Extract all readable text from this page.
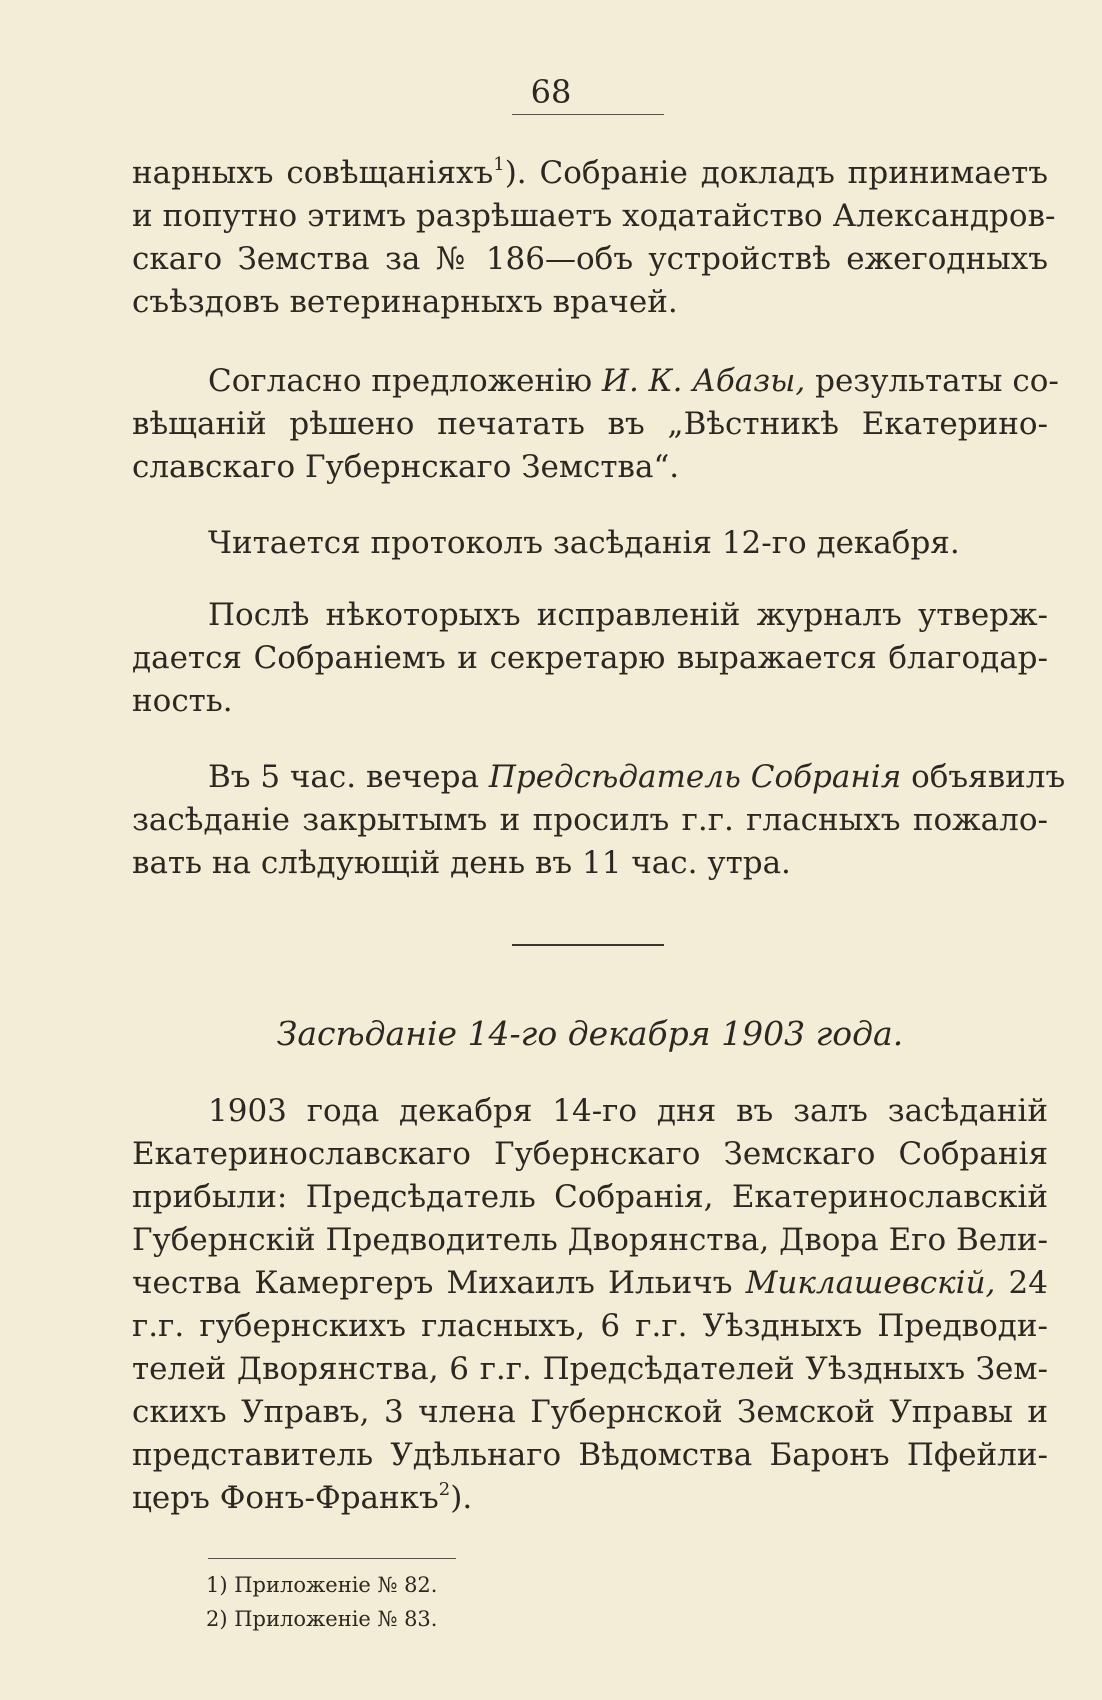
68
нарныхъ совѣщаніяхъ$^1$). Собраніе докладъ принимаетъ
и попутно этимъ разрѣшаетъ ходатайство Александров-
скаго Земства за № 186—объ устройствѣ ежегодныхъ
съѣздовъ ветеринарныхъ врачей.
Согласно предложенію И. К. Абазы, результаты со-
вѣщаній рѣшено печатать въ „Вѣстникѣ Екатерино-
славскаго Губернскаго Земства“.
Читается протоколъ засѣданія 12-го декабря.
Послѣ нѣкоторыхъ исправленій журналъ утверж-
дается Собраніемъ и секретарю выражается благодар-
ность.
Въ 5 час. вечера Предсѣдатель Собранія объявилъ
засѣданіе закрытымъ и просилъ г.г. гласныхъ пожало-
вать на слѣдующій день въ 11 час. утра.
Засѣданіе 14-го декабря 1903 года.
1903 года декабря 14-го дня въ залъ засѣданій
Екатеринославскаго Губернскаго Земскаго Собранія
прибыли: Предсѣдатель Собранія, Екатеринославскій
Губернскій Предводитель Дворянства, Двора Его Вели-
чества Камергеръ Михаилъ Ильичъ Миклашевскій, 24
г.г. губернскихъ гласныхъ, 6 г.г. Уѣздныхъ Предводи-
телей Дворянства, 6 г.г. Предсѣдателей Уѣздныхъ Зем-
скихъ Управъ, 3 члена Губернской Земской Управы и
представитель Удѣльнаго Вѣдомства Баронъ Пфейли-
церъ Фонъ-Франкъ$^2$).
1) Приложеніе № 82.
2) Приложеніе № 83.
